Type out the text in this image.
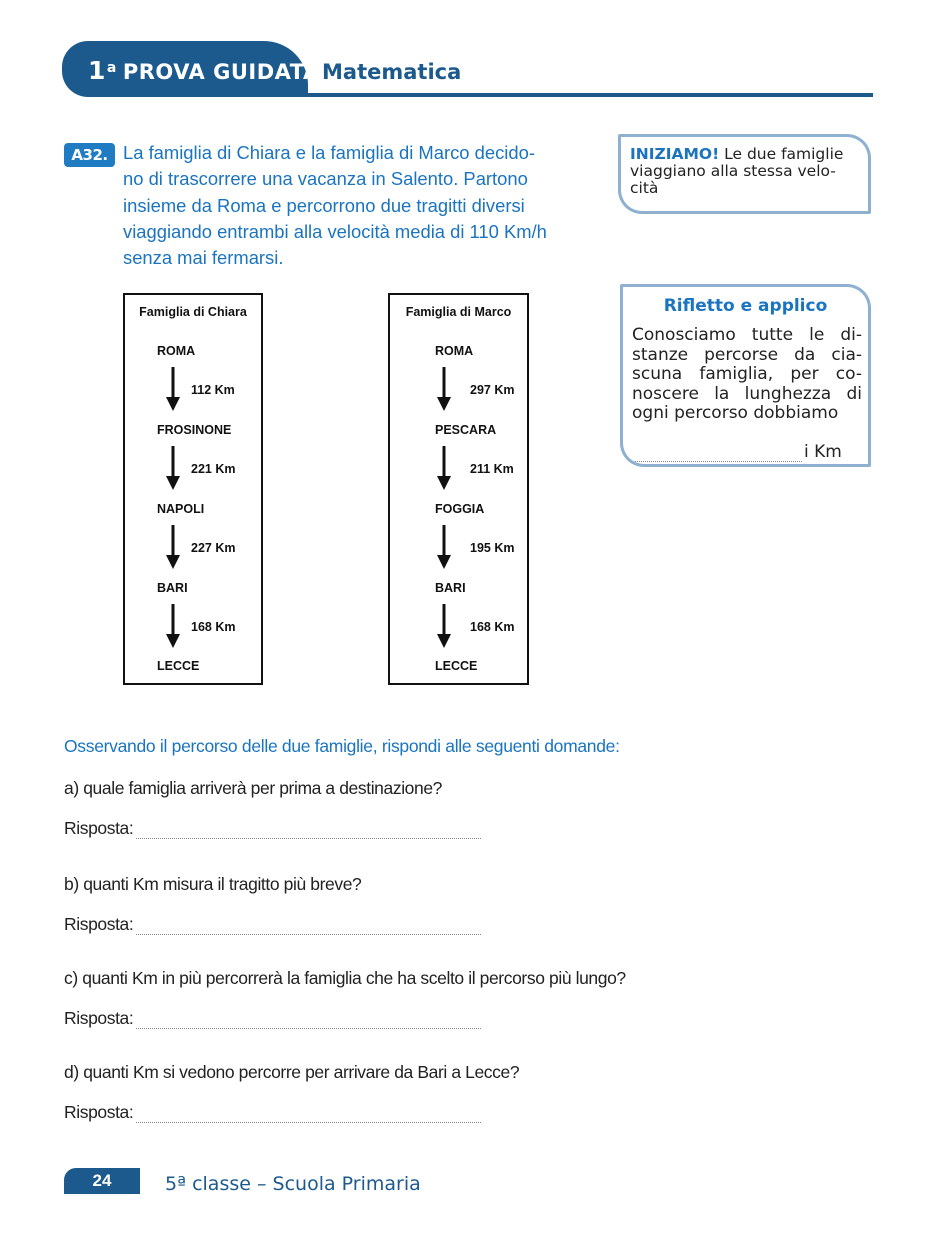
1$^a$ PROVA GUIDATA Matematica
A32. La famiglia di Chiara e la famiglia di Marco decido-
no di trascorrere una vacanza in Salento. Partono
insieme da Roma e percorrono due tragitti diversi
viaggiando entrambi alla velocità media di 110 Km/h
senza mai fermarsi.
INIZIAMO! Le due famiglie viaggiano alla stessa velo- cità
Rifletto e applico
Conosciamo tutte le di- stanze percorse da cia- scuna famiglia, per co- noscere la lunghezza di ogni percorso dobbiamo
i Km
Famiglia di Chiara
ROMA
FROSINONE
NAPOLI
BARI
LECCE
112 Km
221 Km
227 Km
168 Km
Famiglia di Marco
ROMA
PESCARA
FOGGIA
BARI
LECCE
297 Km
211 Km
195 Km
168 Km
Osservando il percorso delle due famiglie, rispondi alle seguenti domande:
a) quale famiglia arriverà per prima a destinazione?
Risposta:
b) quanti Km misura il tragitto più breve?
Risposta:
c) quanti Km in più percorrerà la famiglia che ha scelto il percorso più lungo?
Risposta:
d) quanti Km si vedono percorre per arrivare da Bari a Lecce?
Risposta:
24	5ª classe – Scuola Primaria
